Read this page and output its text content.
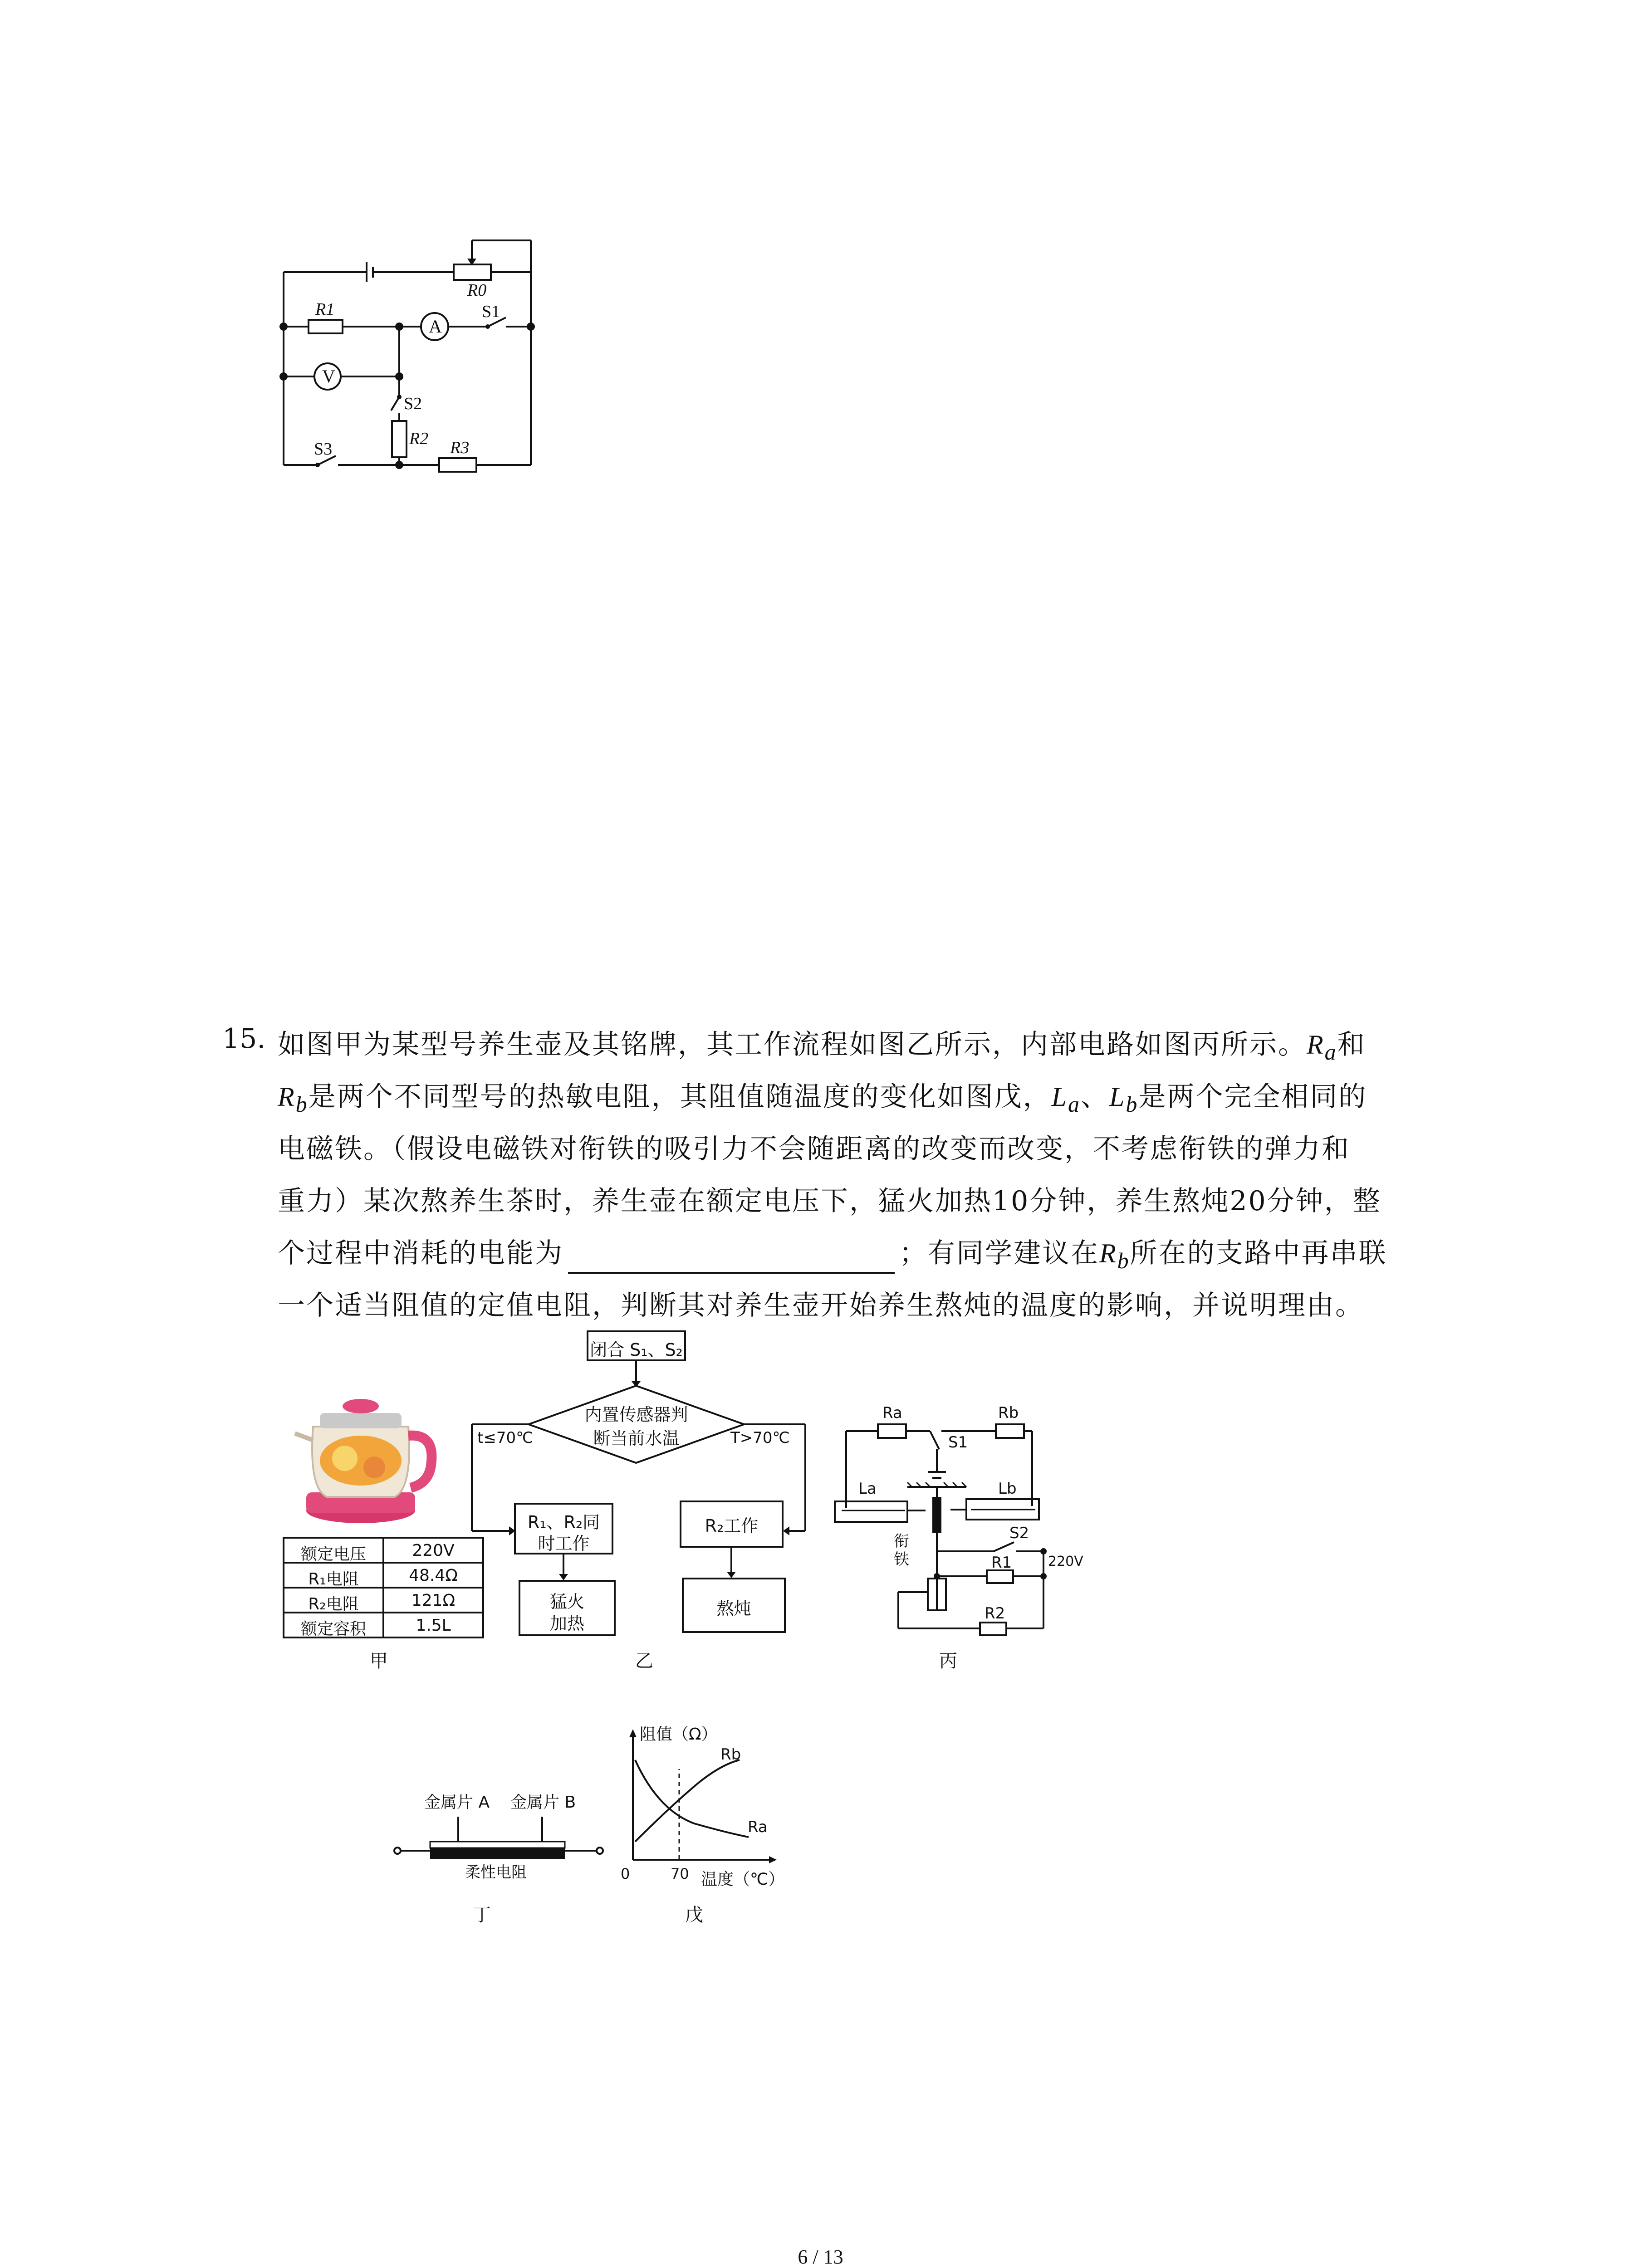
R0
R1
A
S1
V
S2
R2
S3	R3
15. 如图甲为某型号养生壶及其铭牌，其工作流程如图乙所示，内部电路如图丙所示。$R_a$和
$R_b$是两个不同型号的热敏电阻，其阻值随温度的变化如图戊，$L_a$、$L_b$是两个完全相同的
电磁铁。（假设电磁铁对衔铁的吸引力不会随距离的改变而改变，不考虑衔铁的弹力和
重力）某次熬养生茶时，养生壶在额定电压下，猛火加热10分钟，养生熬炖20分钟，整
个过程中消耗的电能为	；有同学建议在$R_b$所在的支路中再串联
一个适当阻值的定值电阻，判断其对养生壶开始养生熬炖的温度的影响，并说明理由。
额定电压	220V
R₁电阻	48.4Ω
R₂电阻	121Ω
额定容积	1.5L
甲
闭合 S₁、S₂
内置传感器判
断当前水温
t≤70℃	T>70℃
R₁、R₂同
时工作
R₂工作
猛火
加热
熬炖
乙
Ra	Rb
S1
La	Lb
衔
铁
S2
R1	220V
R2
丙
金属片 A 金属片 B
柔性电阻
丁
阻值（Ω）
Rb
Ra
0	70 温度（℃）
戊
6 / 13
